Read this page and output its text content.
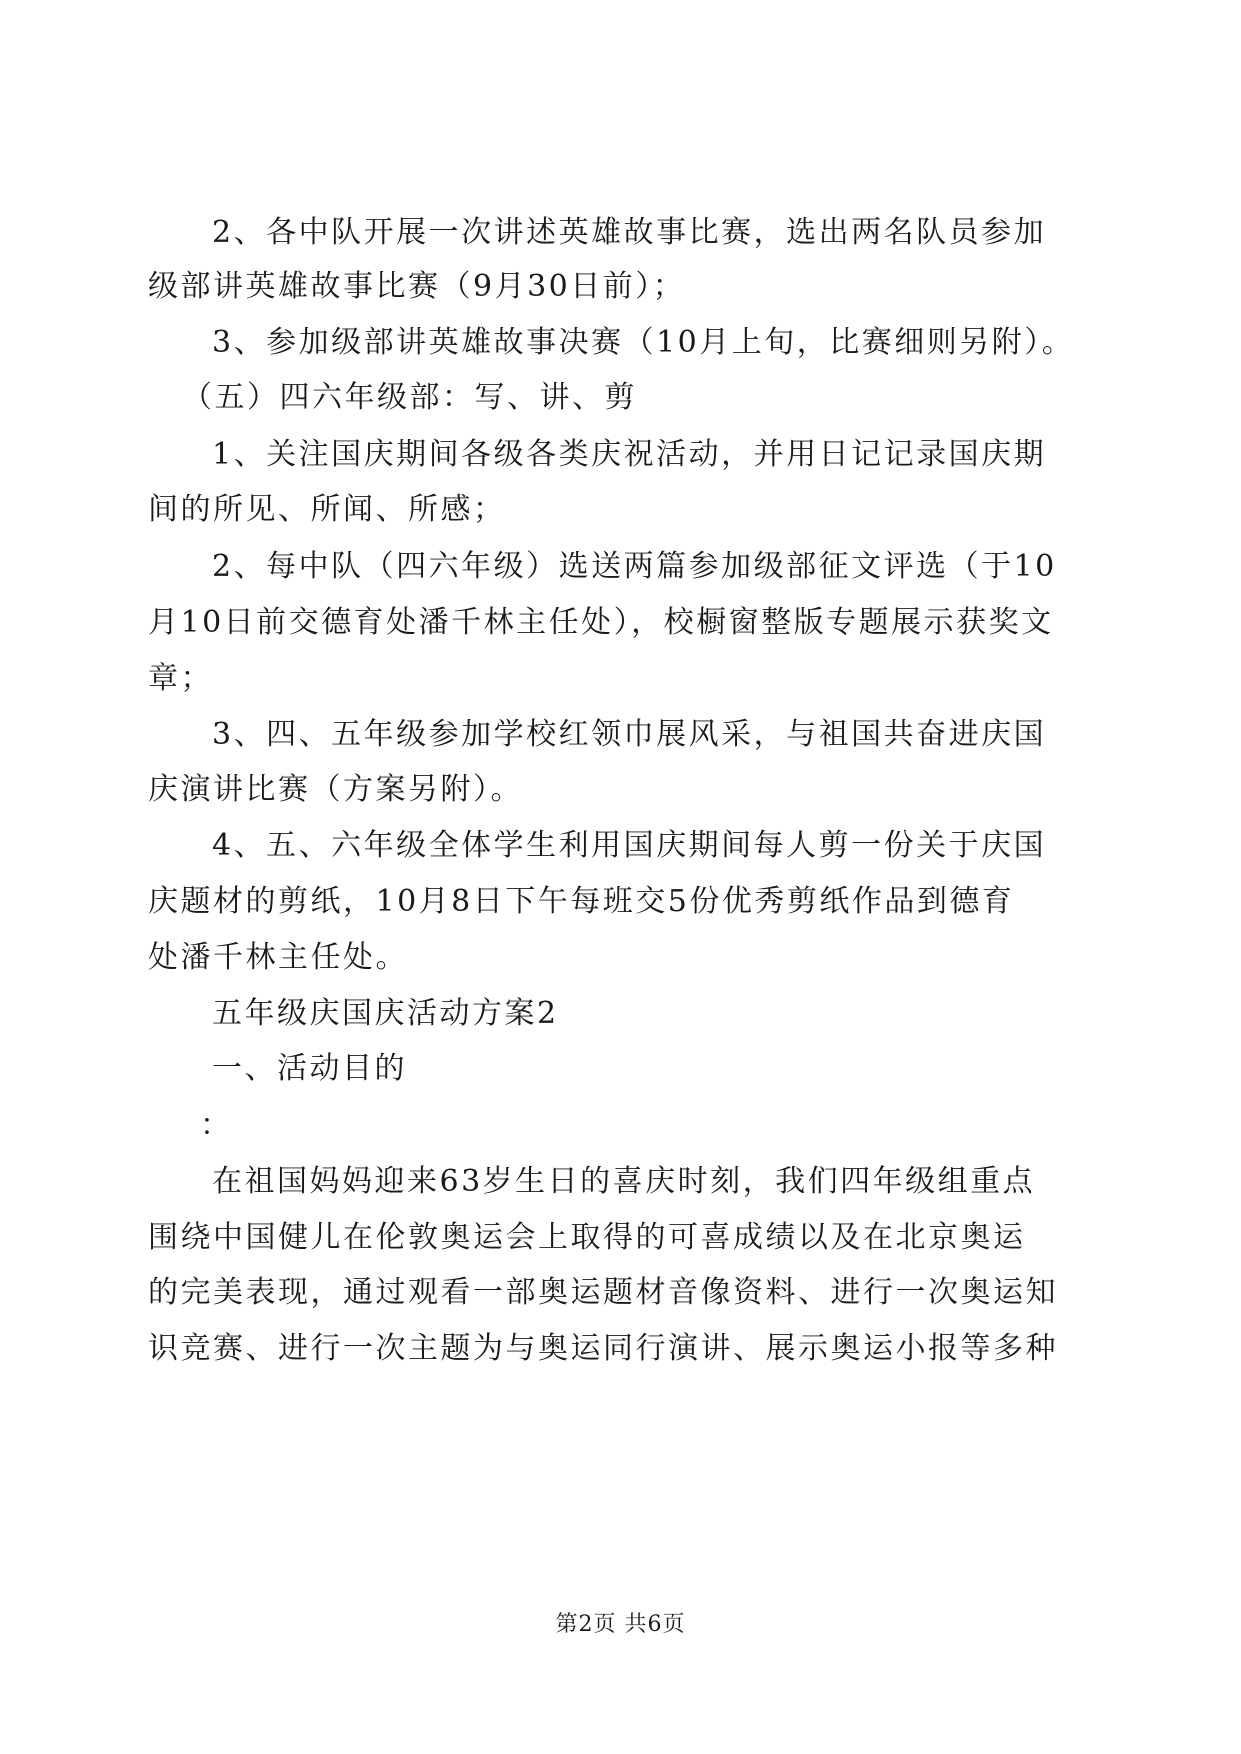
2、各中队开展一次讲述英雄故事比赛，选出两名队员参加
级部讲英雄故事比赛（9月30日前）；
3、参加级部讲英雄故事决赛（10月上旬，比赛细则另附）。
（五）四六年级部：写、讲、剪
1、关注国庆期间各级各类庆祝活动，并用日记记录国庆期
间的所见、所闻、所感；
2、每中队（四六年级）选送两篇参加级部征文评选（于10
月10日前交德育处潘千林主任处），校橱窗整版专题展示获奖文
章；
3、四、五年级参加学校红领巾展风采，与祖国共奋进庆国
庆演讲比赛（方案另附）。
4、五、六年级全体学生利用国庆期间每人剪一份关于庆国
庆题材的剪纸，10月8日下午每班交5份优秀剪纸作品到德育
处潘千林主任处。
五年级庆国庆活动方案2
一、活动目的
：
在祖国妈妈迎来63岁生日的喜庆时刻，我们四年级组重点
围绕中国健儿在伦敦奥运会上取得的可喜成绩以及在北京奥运
的完美表现，通过观看一部奥运题材音像资料、进行一次奥运知
识竞赛、进行一次主题为与奥运同行演讲、展示奥运小报等多种
第2页 共6页
